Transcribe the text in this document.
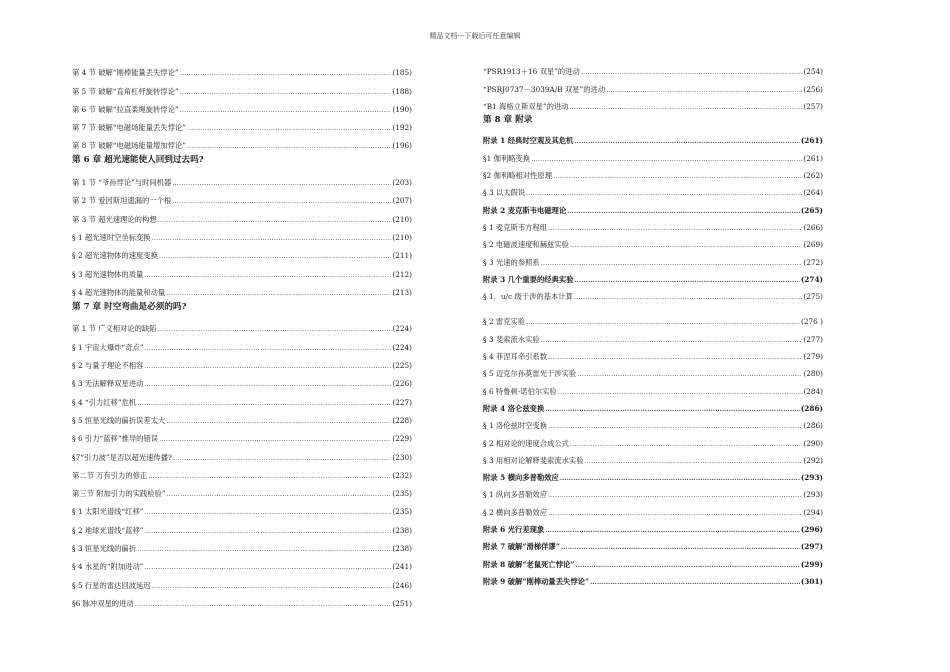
精品文档---下载后可任意编辑
第 4 节 破解“刚棒能量丢失悖论” …………………………………………………………………………………………………………………………………………………………………………………………………………………………………………………………………………	(185)
第 5 节 破解“直角杠杆旋转悖论” …………………………………………………………………………………………………………………………………………………………………………………………………………………………………………………………………………	(188)
第 6 节 破解“拉直柔绳旋转悖论” …………………………………………………………………………………………………………………………………………………………………………………………………………………………………………………………………………	(190)
第 7 节 破解“电磁场能量丢失悖论” …………………………………………………………………………………………………………………………………………………………………………………………………………………………………………………………………………	(192)
第 8 节 破解“电磁场能量增加悖论” …………………………………………………………………………………………………………………………………………………………………………………………………………………………………………………………………………	(196)
第 6 章 超光速能使人回到过去吗?
第 1 节 “爷孙悖论”与时间机器 …………………………………………………………………………………………………………………………………………………………………………………………………………………………………………………………………………	(203)
第 2 节 爱因斯坦遗漏的一个根 …………………………………………………………………………………………………………………………………………………………………………………………………………………………………………………………………………	(207)
第 3 节 超光速理论的构想 …………………………………………………………………………………………………………………………………………………………………………………………………………………………………………………………………………	(210)
§ 1 超光速时空坐标变换 …………………………………………………………………………………………………………………………………………………………………………………………………………………………………………………………………………	(210)
§ 2 超光速物体的速度变换 …………………………………………………………………………………………………………………………………………………………………………………………………………………………………………………………………………	(211)
§ 3 超光速物体的质量 …………………………………………………………………………………………………………………………………………………………………………………………………………………………………………………………………………	(212)
§ 4 超光速物体的能量和动量 …………………………………………………………………………………………………………………………………………………………………………………………………………………………………………………………………………	(213)
第 7 章 时空弯曲是必须的吗?
第 1 节 广义相对论的缺陷 …………………………………………………………………………………………………………………………………………………………………………………………………………………………………………………………………………	(224)
§ 1 宇宙大爆炸“奇点” …………………………………………………………………………………………………………………………………………………………………………………………………………………………………………………………………………	(224)
§ 2 与量子理论不相容 …………………………………………………………………………………………………………………………………………………………………………………………………………………………………………………………………………	(225)
§ 3 无法解释双星进动 …………………………………………………………………………………………………………………………………………………………………………………………………………………………………………………………………………	(226)
§ 4 “引力红移”危机 …………………………………………………………………………………………………………………………………………………………………………………………………………………………………………………………………………	(227)
§ 5 恒星光线的偏折误差太大 …………………………………………………………………………………………………………………………………………………………………………………………………………………………………………………………………………	(228)
§ 6 引力“蓝移”推导的错误 …………………………………………………………………………………………………………………………………………………………………………………………………………………………………………………………………………	(229)
§7“引力波”是否以超光速传播? …………………………………………………………………………………………………………………………………………………………………………………………………………………………………………………………………………	(230)
第二节 万有引力的修正 …………………………………………………………………………………………………………………………………………………………………………………………………………………………………………………………………………	(232)
第三节 附加引力的实践检验” …………………………………………………………………………………………………………………………………………………………………………………………………………………………………………………………………………	(235)
§ 1 太阳光谱线“红移” …………………………………………………………………………………………………………………………………………………………………………………………………………………………………………………………………………	(235)
§ 2 地球光谱线“蓝移” …………………………………………………………………………………………………………………………………………………………………………………………………………………………………………………………………………	(238)
§ 3 恒星光线的偏折 …………………………………………………………………………………………………………………………………………………………………………………………………………………………………………………………………………	(238)
§ 4 水星的“附加进动” …………………………………………………………………………………………………………………………………………………………………………………………………………………………………………………………………………	(241)
§ 5 行星的雷达回波延迟 …………………………………………………………………………………………………………………………………………………………………………………………………………………………………………………………………………	(246)
§6 脉冲双星的进动 …………………………………………………………………………………………………………………………………………………………………………………………………………………………………………………………………………	(251)
“PSR1913＋16 双星”的进动 …………………………………………………………………………………………………………………………………………………………………………………………………………………………………………………………………………	(254)
“PSRJ0737－3039A/B 双星”的进动 …………………………………………………………………………………………………………………………………………………………………………………………………………………………………………………………………………	(256)
“B1 海格立斯双星”的进动 …………………………………………………………………………………………………………………………………………………………………………………………………………………………………………………………………………	(257)
第 8 章 附录
附录 1 经典时空观及其危机 …………………………………………………………………………………………………………………………………………………………………………………………………………………………………………………………………………	(261)
§1 伽利略变换 …………………………………………………………………………………………………………………………………………………………………………………………………………………………………………………………………………	(261)
§2 伽利略相对性原理 …………………………………………………………………………………………………………………………………………………………………………………………………………………………………………………………………………	(262)
§ 3 以太假说 …………………………………………………………………………………………………………………………………………………………………………………………………………………………………………………………………………	(264)
附录 2 麦克斯韦电磁理论 …………………………………………………………………………………………………………………………………………………………………………………………………………………………………………………………………………	(265)
§ 1 麦克斯韦方程组 …………………………………………………………………………………………………………………………………………………………………………………………………………………………………………………………………………	(266)
§ 2 电磁波速度和赫兹实验 …………………………………………………………………………………………………………………………………………………………………………………………………………………………………………………………………………	(269)
§ 3 光速的参照系 …………………………………………………………………………………………………………………………………………………………………………………………………………………………………………………………………………	(272)
附录 3 几个重要的经典实验 …………………………………………………………………………………………………………………………………………………………………………………………………………………………………………………………………………	(274)
§ 1．u/c 级干涉的基本计算 …………………………………………………………………………………………………………………………………………………………………………………………………………………………………………………………………………	(275)
§ 2 雷克实验 …………………………………………………………………………………………………………………………………………………………………………………………………………………………………………………………………………	(276 )
§ 3 斐索流水实验 …………………………………………………………………………………………………………………………………………………………………………………………………………………………………………………………………………	(277)
§ 4 菲涅耳牵引系数 …………………………………………………………………………………………………………………………………………………………………………………………………………………………………………………………………………	(279)
§ 5 迈克尔孙莫雷光干涉实验 …………………………………………………………………………………………………………………………………………………………………………………………………………………………………………………………………………	(280)
§ 6 特鲁顿-诺伯尔实验 …………………………………………………………………………………………………………………………………………………………………………………………………………………………………………………………………………	(284)
附录 4 洛仑兹变换 …………………………………………………………………………………………………………………………………………………………………………………………………………………………………………………………………………	(286)
§ 1 洛伦兹时空变换 …………………………………………………………………………………………………………………………………………………………………………………………………………………………………………………………………………	(286)
§ 2 相对论的速度合成公式 …………………………………………………………………………………………………………………………………………………………………………………………………………………………………………………………………………	(290)
§ 3 用相对论解释斐索流水实验 …………………………………………………………………………………………………………………………………………………………………………………………………………………………………………………………………………	(292)
附录 5 横向多普勒效应 …………………………………………………………………………………………………………………………………………………………………………………………………………………………………………………………………………	(293)
§ 1 纵向多普勒效应 …………………………………………………………………………………………………………………………………………………………………………………………………………………………………………………………………………	(293)
§ 2 横向多普勒效应 …………………………………………………………………………………………………………………………………………………………………………………………………………………………………………………………………………	(294)
附录 6 光行差现象 …………………………………………………………………………………………………………………………………………………………………………………………………………………………………………………………………………	(296)
附录 7 破解“滑梯佯谬” …………………………………………………………………………………………………………………………………………………………………………………………………………………………………………………………………………	(297)
附录 8 破解“老鼠死亡悖论” …………………………………………………………………………………………………………………………………………………………………………………………………………………………………………………………………………	(299)
附录 9 破解“刚棒动量丢失悖论” …………………………………………………………………………………………………………………………………………………………………………………………………………………………………………………………………………	(301)
